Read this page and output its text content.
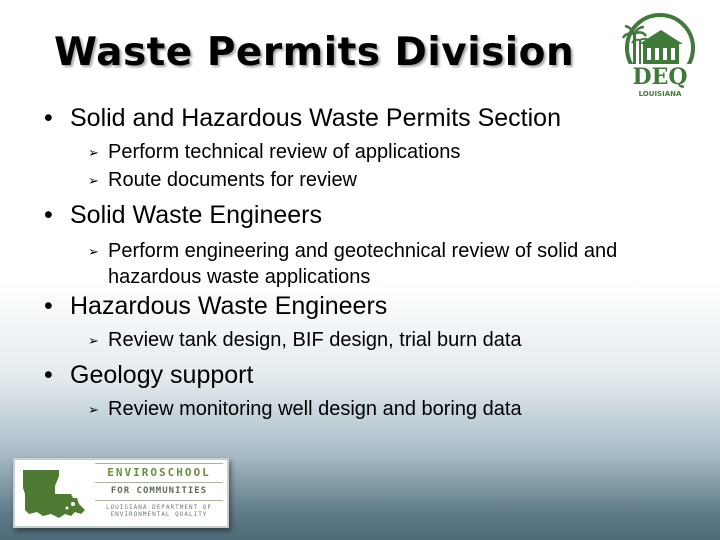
Waste Permits Division
DEQ
LOUISIANA
• Solid and Hazardous Waste Permits Section
➢ Perform technical review of applications
➢ Route documents for review
• Solid Waste Engineers
➢ Perform engineering and geotechnical review of solid and hazardous waste applications
• Hazardous Waste Engineers
➢ Review tank design, BIF design, trial burn data
• Geology support
➢ Review monitoring well design and boring data
ENVIROSCHOOL
FOR COMMUNITIES
LOUISIANA DEPARTMENT OF
ENVIRONMENTAL QUALITY
